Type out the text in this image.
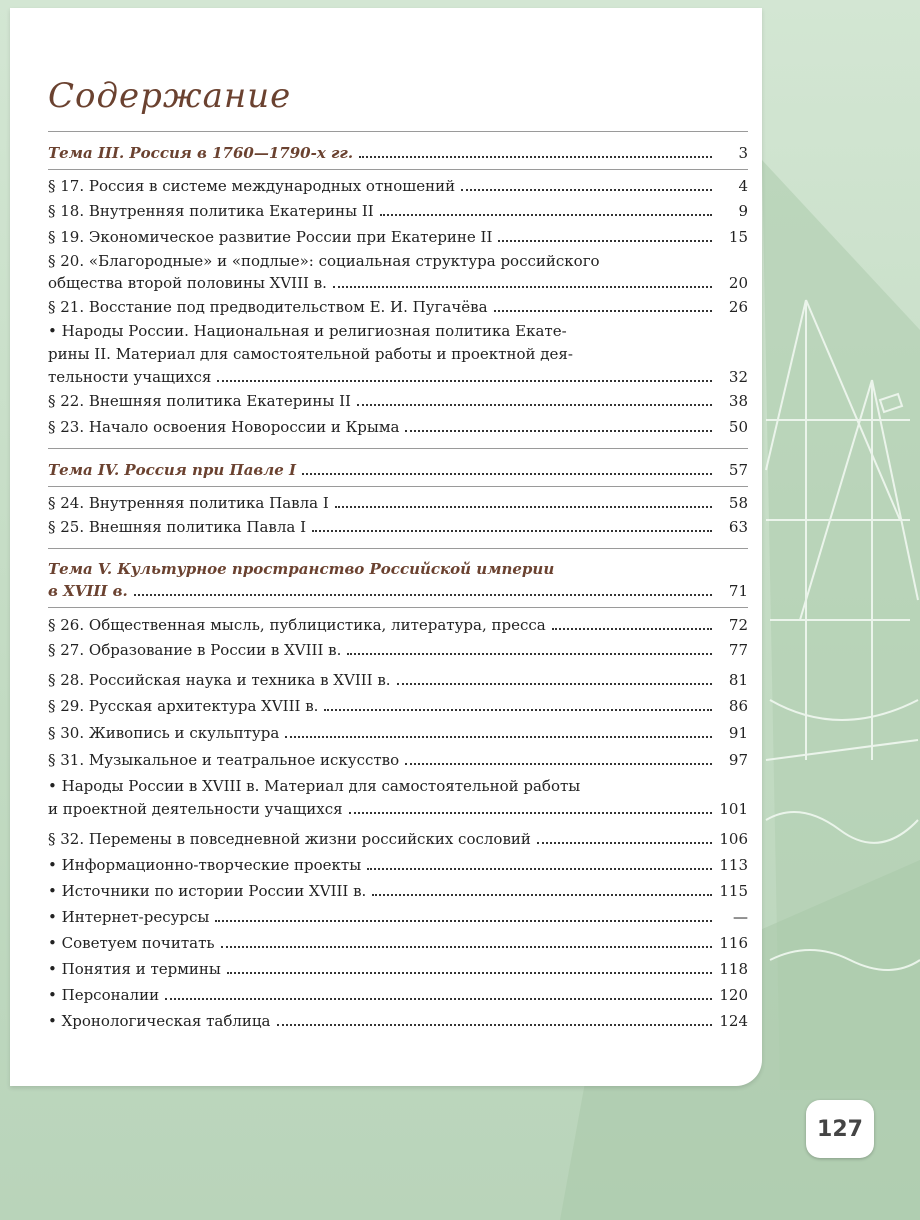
Содержание
Тема III. Россия в 1760—1790-х гг.	3
§ 17. Россия в системе международных отношений	4
§ 18. Внутренняя политика Екатерины II	9
§ 19. Экономическое развитие России при Екатерине II	15
§ 20. «Благородные» и «подлые»: социальная структура российского
общества второй половины XVIII в.	20
§ 21. Восстание под предводительством Е. И. Пугачёва	26
• Народы России. Национальная и религиозная политика Екате-
рины II. Материал для самостоятельной работы и проектной дея-
тельности учащихся	32
§ 22. Внешняя политика Екатерины II	38
§ 23. Начало освоения Новороссии и Крыма	50
Тема IV. Россия при Павле I	57
§ 24. Внутренняя политика Павла I	58
§ 25. Внешняя политика Павла I	63
Тема V. Культурное пространство Российской империи
в XVIII в.	71
§ 26. Общественная мысль, публицистика, литература, пресса	72
§ 27. Образование в России в XVIII в.	77
§ 28. Российская наука и техника в XVIII в.	81
§ 29. Русская архитектура XVIII в.	86
§ 30. Живопись и скульптура	91
§ 31. Музыкальное и театральное искусство	97
• Народы России в XVIII в. Материал для самостоятельной работы
и проектной деятельности учащихся	101
§ 32. Перемены в повседневной жизни российских сословий	106
• Информационно-творческие проекты	113
• Источники по истории России XVIII в.	115
• Интернет-ресурсы	—
• Советуем почитать	116
• Понятия и термины	118
• Персоналии	120
• Хронологическая таблица	124
127
